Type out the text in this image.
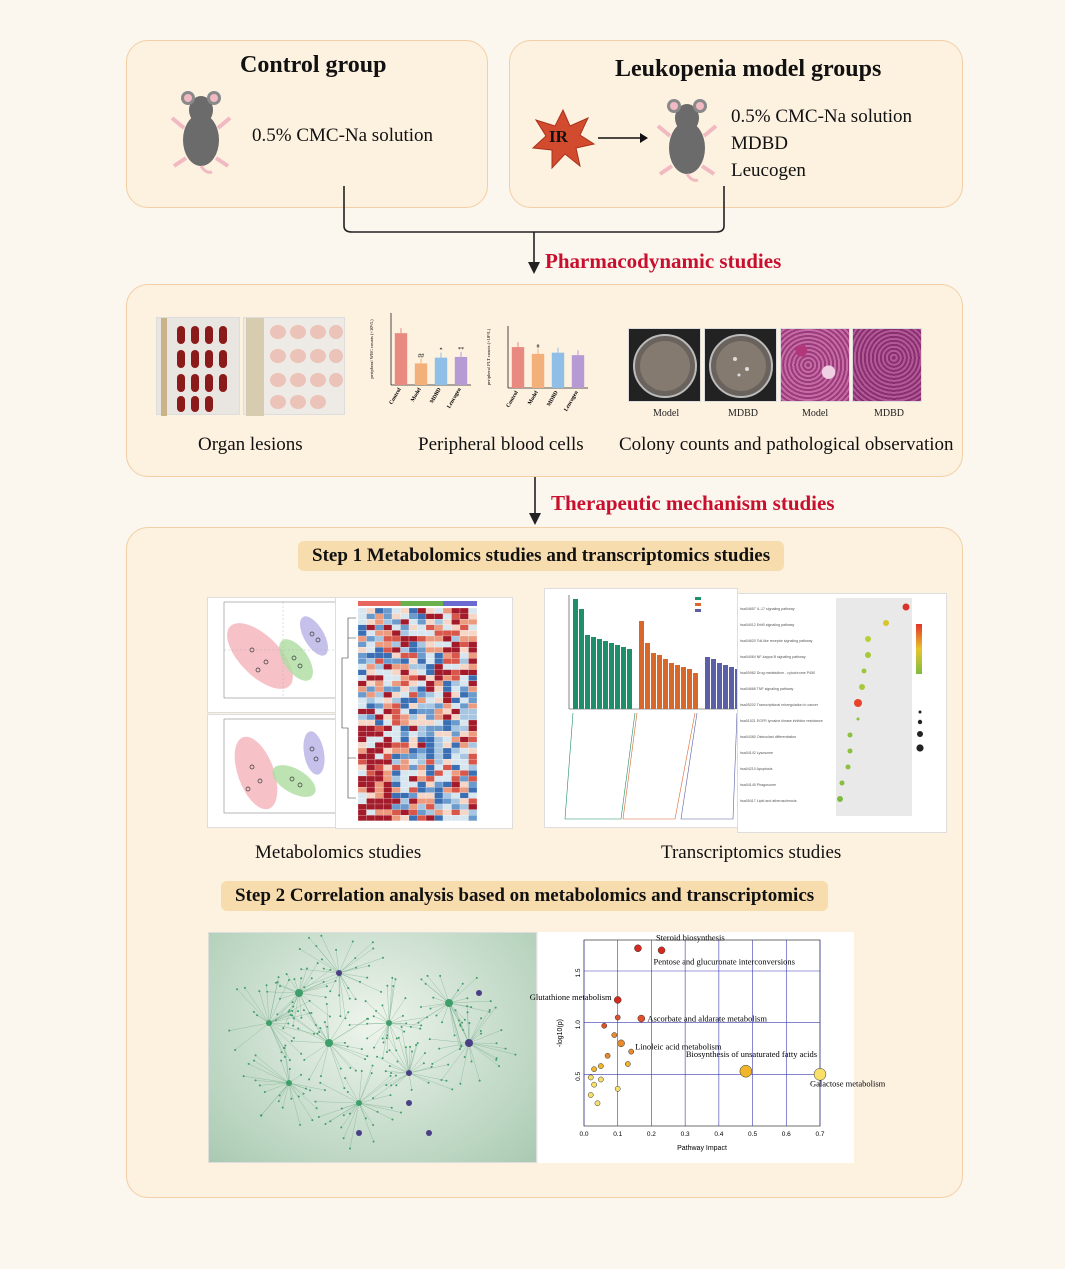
Control group
0.5% CMC-Na solution
Leukopenia model groups
IR
0.5% CMC-Na solution
MDBD
Leucogen
Pharmacodynamic studies
Organ lesions
peripheral WBC counts (×10⁹/L)
Control
##
Model
*
MDBD
**
Leucogen
peripheral PLT counts (×10⁹/L)
Control
#
Model MDBD Leucogen
Peripheral blood cells
Model	MDBD	Model	MDBD
Colony counts and pathological observation
Therapeutic mechanism studies
Step 1 Metabolomics studies and transcriptomics studies
Metabolomics studies
hsa04657 IL-17 signaling pathway
hsa04012 ErbB signaling pathway
hsa04620 Toll-like receptor signaling pathway
hsa04064 NF-kappa B signaling pathway
hsa00982 Drug metabolism - cytochrome P450
hsa04668 TNF signaling pathway
hsa05202 Transcriptional misregulation in cancer
hsa01521 EGFR tyrosine kinase inhibitor resistance
hsa04380 Osteoclast differentiation
hsa04142 Lysosome
hsa04210 Apoptosis
hsa04145 Phagosome
hsa05417 Lipid and atherosclerosis
Transcriptomics studies
Step 2 Correlation analysis based on metabolomics and transcriptomics
0.0	0.1	0.2	0.3	0.4	0.5	0.6	0.7
0.5
1.0
1.5
Pathway Impact
-log10(p)
Steroid biosynthesis
Pentose and glucuronate interconversions
Glutathione metabolism
Ascorbate and aldarate metabolism
Linoleic acid metabolism
Biosynthesis of unsaturated fatty acids
Galactose metabolism
